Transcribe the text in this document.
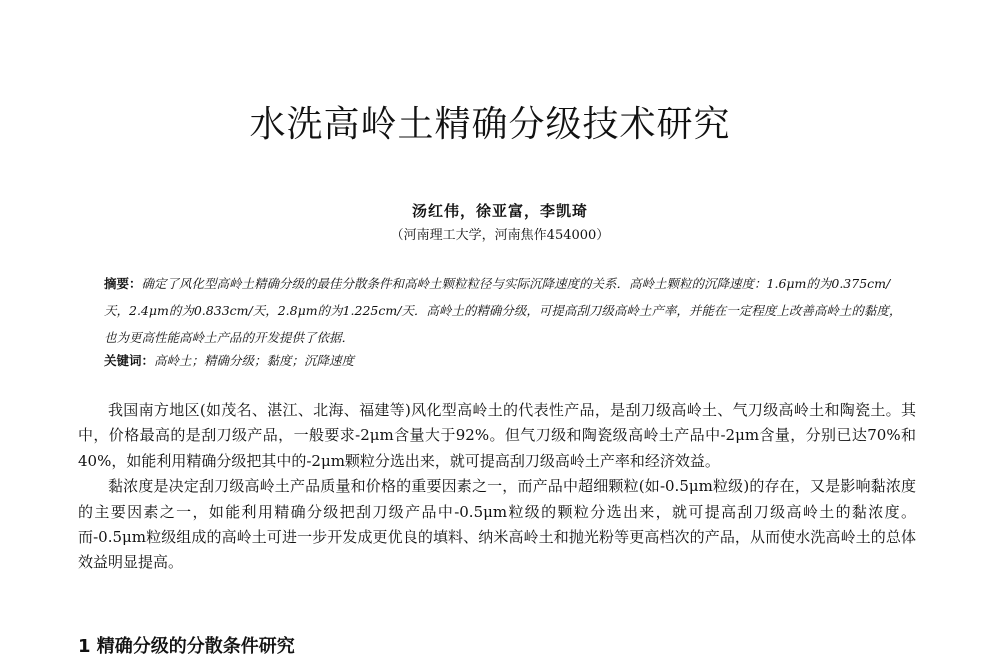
水洗高岭土精确分级技术研究
汤红伟，徐亚富，李凯琦
（河南理工大学，河南焦作454000）
摘要：确定了风化型高岭土精确分级的最佳分散条件和高岭土颗粒粒径与实际沉降速度的关系．高岭土颗粒的沉降速度：1.6μm的为0.375cm/天，2.4μm的为0.833cm/天，2.8μm的为1.225cm/天．高岭土的精确分级，可提高刮刀级高岭土产率，并能在一定程度上改善高岭土的黏度，也为更高性能高岭土产品的开发提供了依据．
关键词：高岭土；精确分级；黏度；沉降速度

我国南方地区(如茂名、湛江、北海、福建等)风化型高岭土的代表性产品，是刮刀级高岭土、气刀级高岭土和陶瓷土。其中，价格最高的是刮刀级产品，一般要求-2μm含量大于92%。但气刀级和陶瓷级高岭土产品中-2μm含量，分别已达70%和40%，如能利用精确分级把其中的-2μm颗粒分选出来，就可提高刮刀级高岭土产率和经济效益。

黏浓度是决定刮刀级高岭土产品质量和价格的重要因素之一，而产品中超细颗粒(如-0.5μm粒级)的存在，又是影响黏浓度的主要因素之一，如能利用精确分级把刮刀级产品中-0.5μm粒级的颗粒分选出来，就可提高刮刀级高岭土的黏浓度。而-0.5μm粒级组成的高岭土可进一步开发成更优良的填料、纳米高岭土和抛光粉等更高档次的产品，从而使水洗高岭土的总体效益明显提高。

1 精确分级的分散条件研究
